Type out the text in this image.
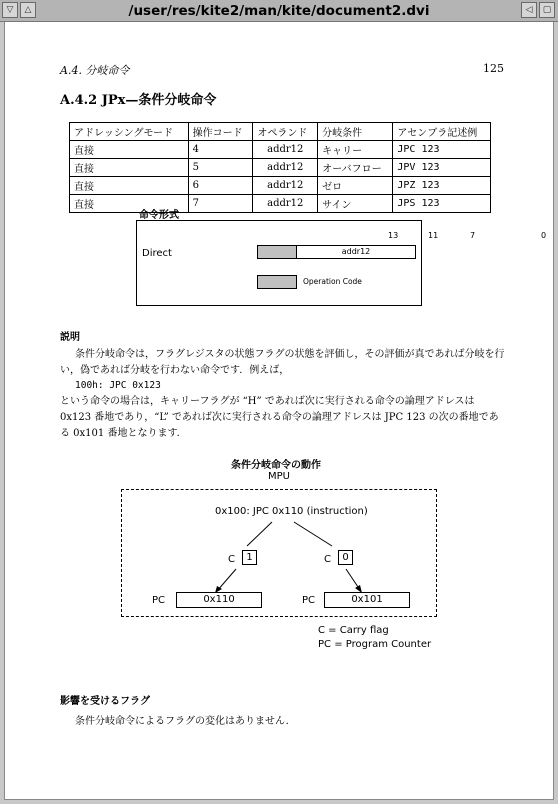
▽	△	/user/res/kite2/man/kite/document2.dvi	◁	▢
A.4. 分岐命令	125
A.4.2 JPx—条件分岐命令
アドレッシングモード	操作コード	オペランド	分岐条件	アセンブラ記述例
直接	4	addr12	キャリー	JPC 123
直接	5	addr12	オーバフロー	JPV 123
直接	6	addr12	ゼロ	JPZ 123
直接	7	addr12	サイン	JPS 123
命令形式
13	11	7	0
Direct	addr12
Operation Code
説明
条件分岐命令は，フラグレジスタの状態フラグの状態を評価し，その評価が真であれば分岐を行い，偽であれば分岐を行わない命令です．例えば，
100h: JPC 0x123
という命令の場合は，キャリーフラグが “H” であれば次に実行される命令の論理アドレスは0x123 番地であり，“L” であれば次に実行される命令の論理アドレスは JPC 123 の次の番地である 0x101 番地となります．
条件分岐命令の動作
MPU
0x100: JPC 0x110 (instruction)
C	1	C	0
PC	0x110	PC	0x101
C = Carry flag
PC = Program Counter
影響を受けるフラグ
条件分岐命令によるフラグの変化はありません．
